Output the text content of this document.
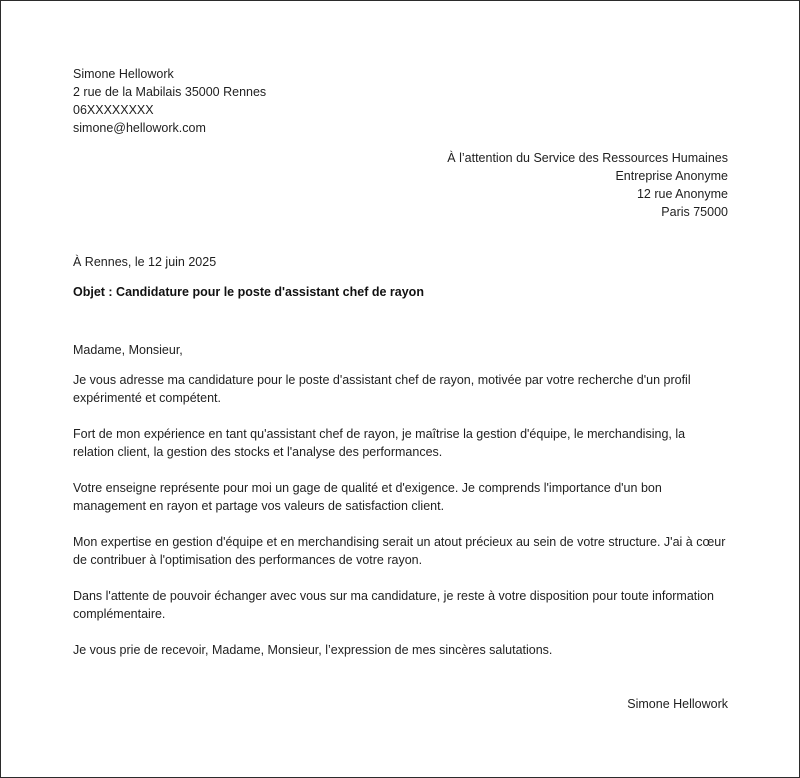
Simone Hellowork
2 rue de la Mabilais 35000 Rennes
06XXXXXXXX
simone@hellowork.com
À l’attention du Service des Ressources Humaines
Entreprise Anonyme
12 rue Anonyme
Paris 75000
À Rennes, le 12 juin 2025
Objet : Candidature pour le poste d'assistant chef de rayon
Madame, Monsieur,
Je vous adresse ma candidature pour le poste d'assistant chef de rayon, motivée par votre recherche d'un profil expérimenté et compétent.
Fort de mon expérience en tant qu'assistant chef de rayon, je maîtrise la gestion d'équipe, le merchandising, la relation client, la gestion des stocks et l'analyse des performances.
Votre enseigne représente pour moi un gage de qualité et d'exigence. Je comprends l'importance d'un bon management en rayon et partage vos valeurs de satisfaction client.
Mon expertise en gestion d'équipe et en merchandising serait un atout précieux au sein de votre structure. J'ai à cœur de contribuer à l'optimisation des performances de votre rayon.
Dans l'attente de pouvoir échanger avec vous sur ma candidature, je reste à votre disposition pour toute information complémentaire.
Je vous prie de recevoir, Madame, Monsieur, l’expression de mes sincères salutations.
Simone Hellowork
